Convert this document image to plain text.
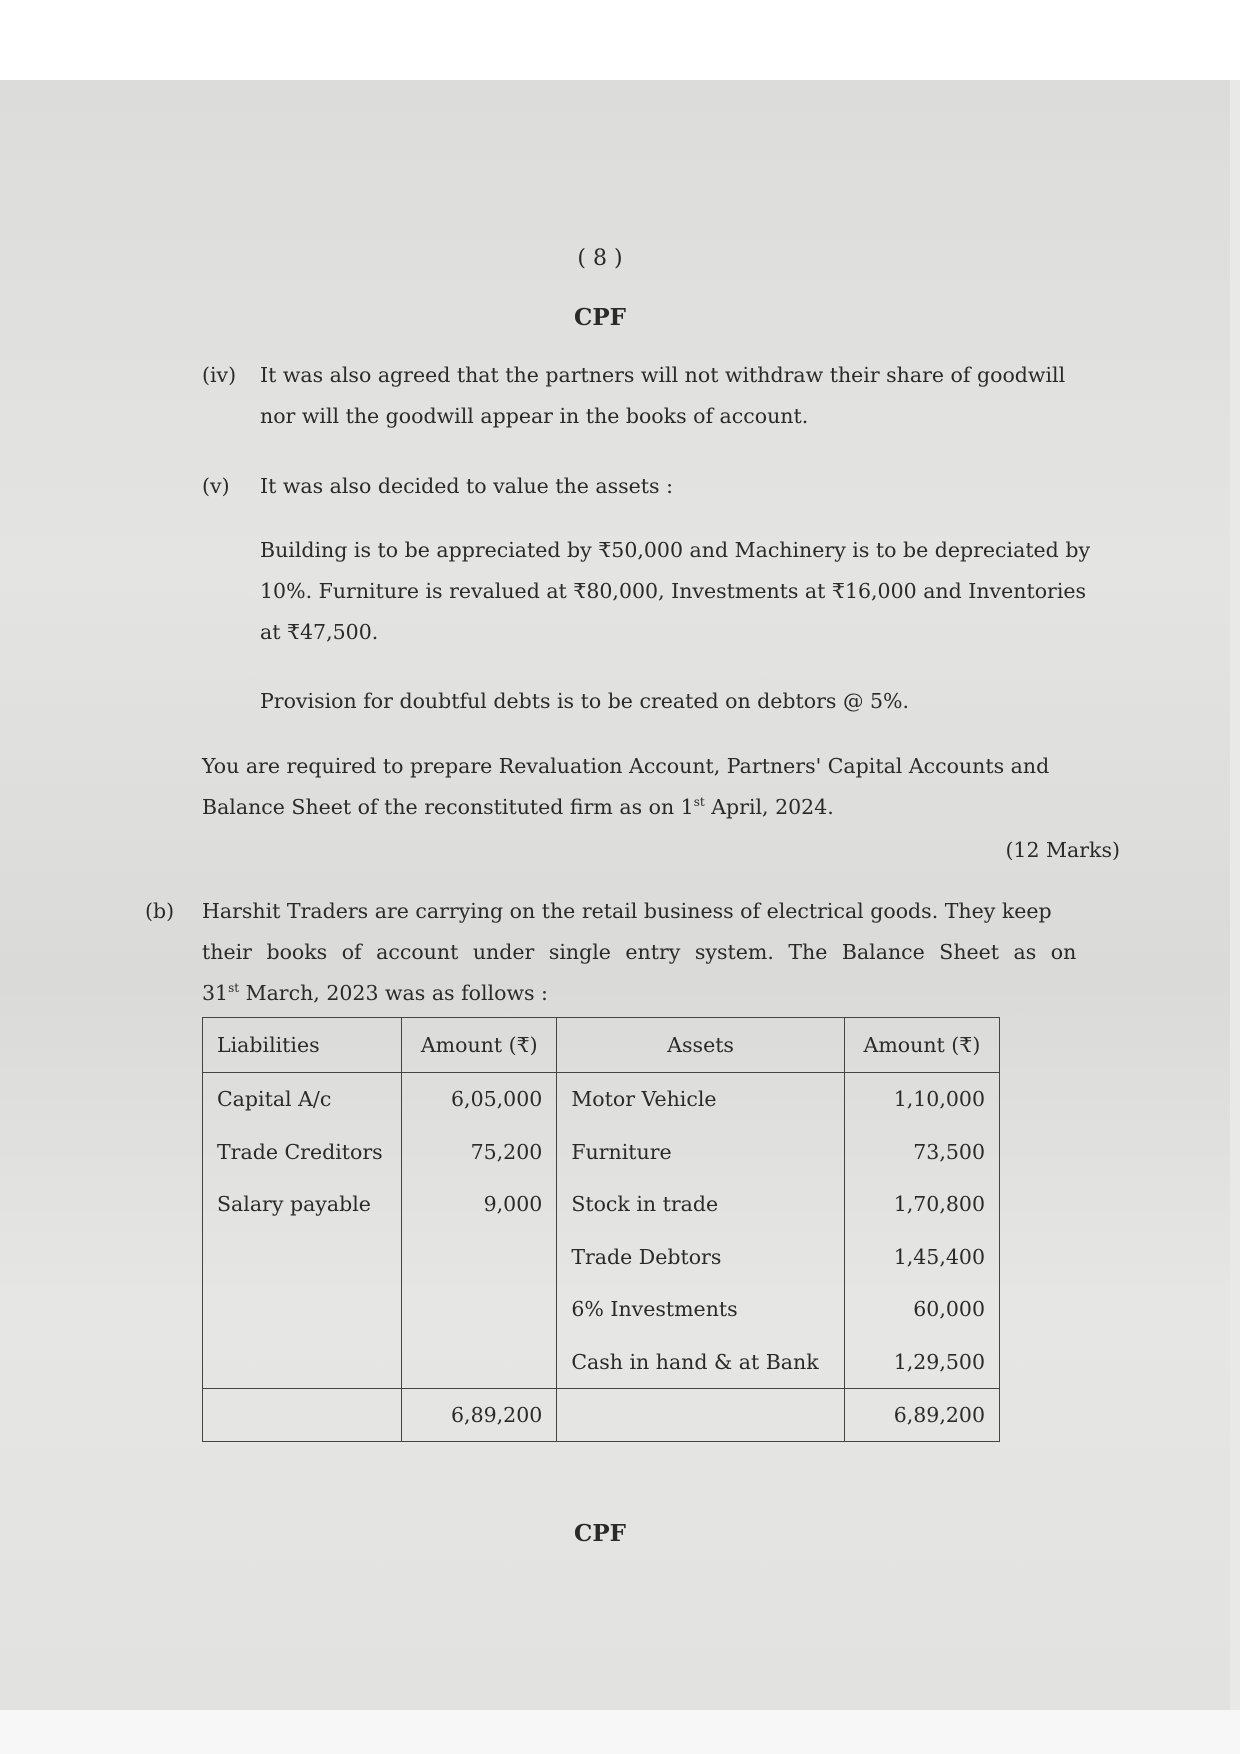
( 8 )
CPF
(iv) It was also agreed that the partners will not withdraw their share of goodwill
nor will the goodwill appear in the books of account.
(v) It was also decided to value the assets :
Building is to be appreciated by ₹50,000 and Machinery is to be depreciated by
10%. Furniture is revalued at ₹80,000, Investments at ₹16,000 and Inventories
at ₹47,500.
Provision for doubtful debts is to be created on debtors @ 5%.
You are required to prepare Revaluation Account, Partners' Capital Accounts and
Balance Sheet of the reconstituted firm as on 1st April, 2024.
(12 Marks)
(b) Harshit Traders are carrying on the retail business of electrical goods. They keep
their books of account under single entry system. The Balance Sheet as on
31st March, 2023 was as follows :
Liabilities	Amount (₹)	Assets	Amount (₹)
Capital A/c	6,05,000	Motor Vehicle	1,10,000
Trade Creditors	75,200	Furniture	73,500
Salary payable	9,000	Stock in trade	1,70,800
		Trade Debtors	1,45,400
		6% Investments	60,000
		Cash in hand & at Bank	1,29,500
	6,89,200		6,89,200
CPF
